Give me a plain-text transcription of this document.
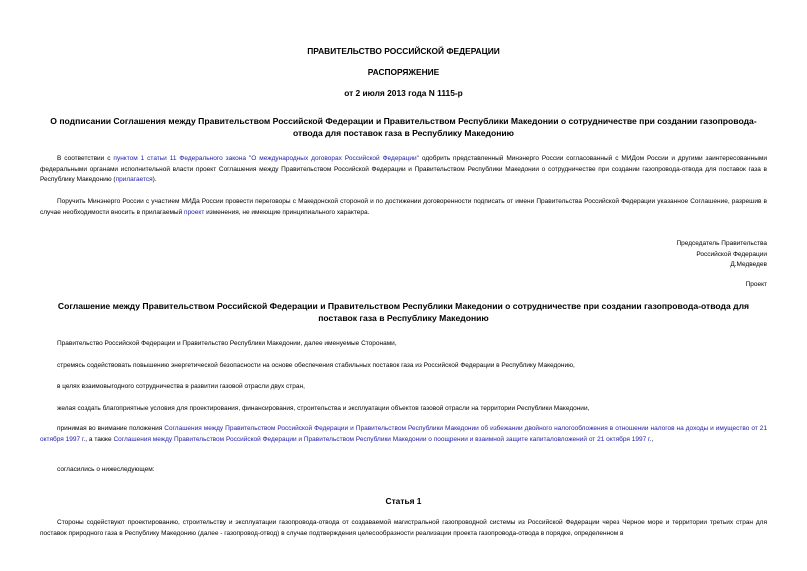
ПРАВИТЕЛЬСТВО РОССИЙСКОЙ ФЕДЕРАЦИИ
РАСПОРЯЖЕНИЕ
от 2 июля 2013 года N 1115-р
О подписании Соглашения между Правительством Российской Федерации и Правительством Республики Македонии о сотрудничестве при создании газопровода-отвода для поставок газа в Республику Македонию
В соответствии с пунктом 1 статьи 11 Федерального закона "О международных договорах Российской Федерации" одобрить представленный Минэнерго России согласованный с МИДом России и другими заинтересованными федеральными органами исполнительной власти проект Соглашения между Правительством Российской Федерации и Правительством Республики Македонии о сотрудничестве при создании газопровода-отвода для поставок газа в Республику Македонию (прилагается).
Поручить Минэнерго России с участием МИДа России провести переговоры с Македонской стороной и по достижении договоренности подписать от имени Правительства Российской Федерации указанное Соглашение, разрешив в случае необходимости вносить в прилагаемый проект изменения, не имеющие принципиального характера.
Председатель Правительства
Российской Федерации
Д.Медведев
Проект
Соглашение между Правительством Российской Федерации и Правительством Республики Македонии о сотрудничестве при создании газопровода-отвода для поставок газа в Республику Македонию
Правительство Российской Федерации и Правительство Республики Македонии, далее именуемые Сторонами,
стремясь содействовать повышению энергетической безопасности на основе обеспечения стабильных поставок газа из Российской Федерации в Республику Македонию,
в целях взаимовыгодного сотрудничества в развитии газовой отрасли двух стран,
желая создать благоприятные условия для проектирования, финансирования, строительства и эксплуатации объектов газовой отрасли на территории Республики Македонии,
принимая во внимание положения Соглашения между Правительством Российской Федерации и Правительством Республики Македонии об избежании двойного налогообложения в отношении налогов на доходы и имущество от 21 октября 1997 г., а также Соглашения между Правительством Российской Федерации и Правительством Республики Македонии о поощрении и взаимной защите капиталовложений от 21 октября 1997 г.,
согласились о нижеследующем:
Статья 1
Стороны содействуют проектированию, строительству и эксплуатации газопровода-отвода от создаваемой магистральной газопроводной системы из Российской Федерации через Черное море и территории третьих стран для поставок природного газа в Республику Македонию (далее - газопровод-отвод) в случае подтверждения целесообразности реализации проекта газопровода-отвода в порядке, определенном в
